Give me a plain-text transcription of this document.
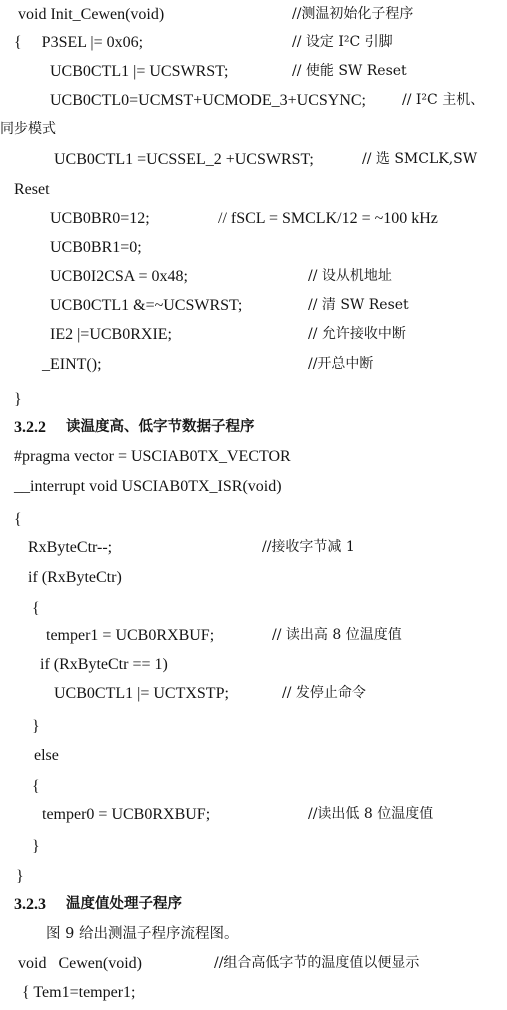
void Init_Cewen(void)	//测温初始化子程序
{     P3SEL |= 0x06;	// 设定 I²C 引脚
UCB0CTL1 |= UCSWRST;	// 使能 SW Reset
UCB0CTL0=UCMST+UCMODE_3+UCSYNC;	// I²C 主机、
同步模式
UCB0CTL1 =UCSSEL_2 +UCSWRST;	// 选 SMCLK,SW
Reset
UCB0BR0=12;	// fSCL = SMCLK/12 = ~100 kHz
UCB0BR1=0;
UCB0I2CSA = 0x48;	// 设从机地址
UCB0CTL1 &=~UCSWRST;	// 清 SW Reset
IE2 |=UCB0RXIE;	// 允许接收中断
_EINT();	//开总中断
}
3.2.2 读温度高、低字节数据子程序
#pragma vector = USCIAB0TX_VECTOR
__interrupt void USCIAB0TX_ISR(void)
{
RxByteCtr--;	//接收字节减 1
if (RxByteCtr)
{
temper1 = UCB0RXBUF;	// 读出高 8 位温度值
if (RxByteCtr == 1)
UCB0CTL1 |= UCTXSTP;	// 发停止命令
}
else
{
temper0 = UCB0RXBUF;	//读出低 8 位温度值
}
}
3.2.3 温度值处理子程序
图 9 给出测温子程序流程图。
void   Cewen(void)	//组合高低字节的温度值以便显示
{ Tem1=temper1;
